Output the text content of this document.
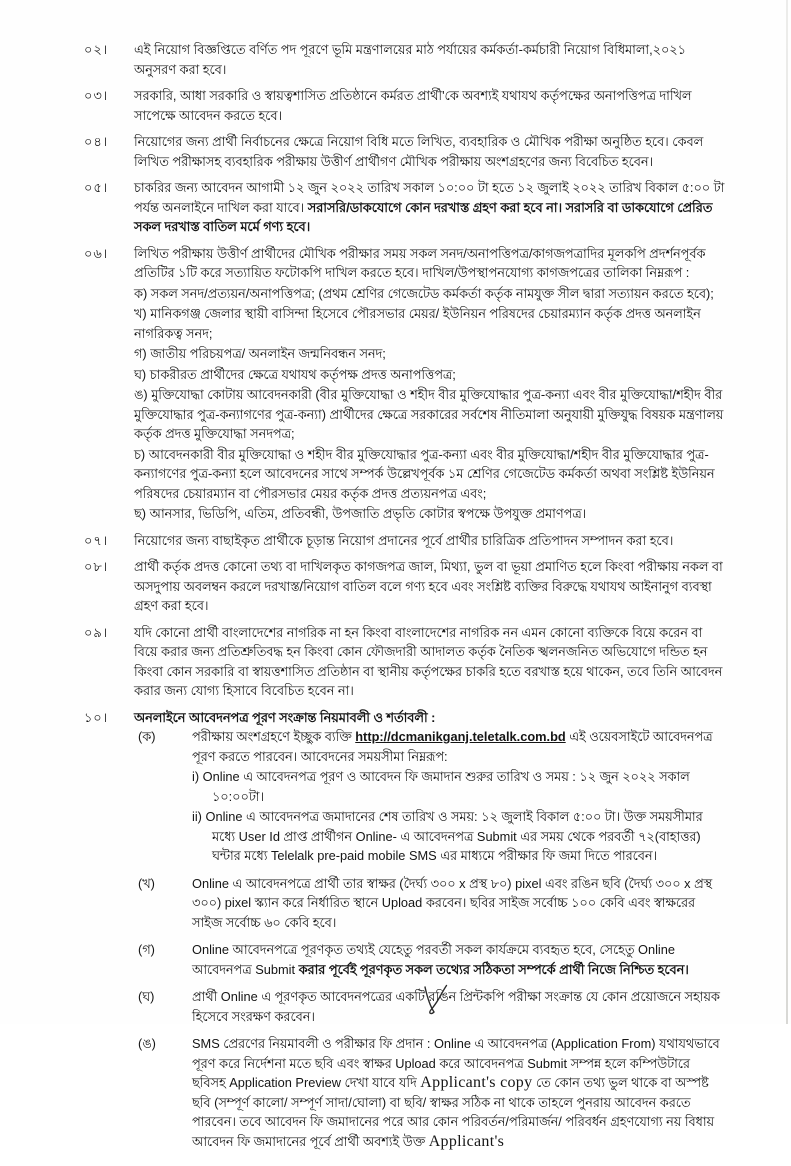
০২।	এই নিয়োগ বিজ্ঞপ্তিতে বর্ণিত পদ পূরণে ভূমি মন্ত্রণালয়ের মাঠ পর্যায়ের কর্মকর্তা-কর্মচারী নিয়োগ বিধিমালা,২০২১ অনুসরণ করা হবে।

০৩।	সরকারি, আধা সরকারি ও স্বায়ত্বশাসিত প্রতিষ্ঠানে কর্মরত প্রার্থী'কে অবশ্যই যথাযথ কর্তৃপক্ষের অনাপত্তিপত্র দাখিল সাপেক্ষে আবেদন করতে হবে।

০৪।	নিয়োগের জন্য প্রার্থী নির্বাচনের ক্ষেত্রে নিয়োগ বিধি মতে লিখিত, ব্যবহারিক ও মৌখিক পরীক্ষা অনুষ্ঠিত হবে। কেবল লিখিত পরীক্ষাসহ ব্যবহারিক পরীক্ষায় উত্তীর্ণ প্রার্থীগণ মৌখিক পরীক্ষায় অংশগ্রহণের জন্য বিবেচিত হবেন।

০৫।	চাকরির জন্য আবেদন আগামী ১২ জুন ২০২২ তারিখ সকাল ১০:০০ টা হতে ১২ জুলাই ২০২২ তারিখ বিকাল ৫:০০ টা পর্যন্ত অনলাইনে দাখিল করা যাবে। সরাসরি/ডাকযোগে কোন দরখাস্ত গ্রহণ করা হবে না। সরাসরি বা ডাকযোগে প্রেরিত সকল দরখাস্ত বাতিল মর্মে গণ্য হবে।

০৬।	লিখিত পরীক্ষায় উত্তীর্ণ প্রার্থীদের মৌখিক পরীক্ষার সময় সকল সনদ/অনাপত্তিপত্র/কাগজপত্রাদির মূলকপি প্রদর্শনপূর্বক প্রতিটির ১টি করে সত্যায়িত ফটোকপি দাখিল করতে হবে। দাখিল/উপস্থাপনযোগ্য কাগজপত্রের তালিকা নিম্নরূপ :

ক) সকল সনদ/প্রত্যয়ন/অনাপত্তিপত্র; (প্রথম শ্রেণির গেজেটেড কর্মকর্তা কর্তৃক নামযুক্ত সীল দ্বারা সত্যায়ন করতে হবে);

খ) মানিকগঞ্জ জেলার স্থায়ী বাসিন্দা হিসেবে পৌরসভার মেয়র/ ইউনিয়ন পরিষদের চেয়ারম্যান কর্তৃক প্রদত্ত অনলাইন নাগরিকত্ব সনদ;

গ) জাতীয় পরিচয়পত্র/ অনলাইন জন্মনিবন্ধন সনদ;

ঘ) চাকরীরত প্রার্থীদের ক্ষেত্রে যথাযথ কর্তৃপক্ষ প্রদত্ত অনাপত্তিপত্র;

ঙ) মুক্তিযোদ্ধা কোটায় আবেদনকারী (বীর মুক্তিযোদ্ধা ও শহীদ বীর মুক্তিযোদ্ধার পুত্র-কন্যা এবং বীর মুক্তিযোদ্ধা/শহীদ বীর মুক্তিযোদ্ধার পুত্র-কন্যাগণের পুত্র-কন্যা) প্রার্থীদের ক্ষেত্রে সরকারের সর্বশেষ নীতিমালা অনুযায়ী মুক্তিযুদ্ধ বিষয়ক মন্ত্রণালয় কর্তৃক প্রদত্ত মুক্তিযোদ্ধা সনদপত্র;

চ) আবেদনকারী বীর মুক্তিযোদ্ধা ও শহীদ বীর মুক্তিযোদ্ধার পুত্র-কন্যা এবং বীর মুক্তিযোদ্ধা/শহীদ বীর মুক্তিযোদ্ধার পুত্র-কন্যাগণের পুত্র-কন্যা হলে আবেদনের সাথে সম্পর্ক উল্লেখপূর্বক ১ম শ্রেণির গেজেটেড কর্মকর্তা অথবা সংশ্লিষ্ট ইউনিয়ন পরিষদের চেয়ারম্যান বা পৌরসভার মেয়র কর্তৃক প্রদত্ত প্রত্যয়নপত্র এবং;

ছ) আনসার, ভিডিপি, এতিম, প্রতিবন্ধী, উপজাতি প্রভৃতি কোটার স্বপক্ষে উপযুক্ত প্রমাণপত্র।

০৭।	নিয়োগের জন্য বাছাইকৃত প্রার্থীকে চূড়ান্ত নিয়োগ প্রদানের পূর্বে প্রার্থীর চারিত্রিক প্রতিপাদন সম্পাদন করা হবে।

০৮।	প্রার্থী কর্তৃক প্রদত্ত কোনো তথ্য বা দাখিলকৃত কাগজপত্র জাল, মিথ্যা, ভুল বা ভূয়া প্রমাণিত হলে কিংবা পরীক্ষায় নকল বা অসদুপায় অবলম্বন করলে দরখাস্ত/নিয়োগ বাতিল বলে গণ্য হবে এবং সংশ্লিষ্ট ব্যক্তির বিরুদ্ধে যথাযথ আইনানুগ ব্যবস্থা গ্রহণ করা হবে।

০৯।	যদি কোনো প্রার্থী বাংলাদেশের নাগরিক না হন কিংবা বাংলাদেশের নাগরিক নন এমন কোনো ব্যক্তিকে বিয়ে করেন বা বিয়ে করার জন্য প্রতিশ্রুতিবদ্ধ হন কিংবা কোন ফৌজদারী আদালত কর্তৃক নৈতিক স্খলনজনিত অভিযোগে দন্ডিত হন কিংবা কোন সরকারি বা স্বায়ত্তশাসিত প্রতিষ্ঠান বা স্থানীয় কর্তৃপক্ষের চাকরি হতে বরখাস্ত হয়ে থাকেন, তবে তিনি আবেদন করার জন্য যোগ্য হিসাবে বিবেচিত হবেন না।

১০।	অনলাইনে আবেদনপত্র পূরণ সংক্রান্ত নিয়মাবলী ও শর্তাবলী :

(ক)	পরীক্ষায় অংশগ্রহণে ইচ্ছুক ব্যক্তি http://dcmanikganj.teletalk.com.bd এই ওয়েবসাইটে আবেদনপত্র পূরণ করতে পারবেন। আবেদনের সময়সীমা নিম্নরূপ:

i) Online এ আবেদনপত্র পূরণ ও আবেদন ফি জমাদান শুরুর তারিখ ও সময় : ১২ জুন ২০২২ সকাল ১০:০০টা।

ii) Online এ আবেদনপত্র জমাদানের শেষ তারিখ ও সময়: ১২ জুলাই বিকাল ৫:০০ টা। উক্ত সময়সীমার মধ্যে User Id প্রাপ্ত প্রার্থীগন Online- এ আবেদনপত্র Submit এর সময় থেকে পরবর্তী ৭২(বাহাত্তর) ঘন্টার মধ্যে Telelalk pre-paid mobile SMS এর মাধ্যমে পরীক্ষার ফি জমা দিতে পারবেন।

(খ)	Online এ আবেদনপত্রে প্রার্থী তার স্বাক্ষর (দৈর্ঘ্য ৩০০ x প্রস্থ ৮০) pixel এবং রঙিন ছবি (দৈর্ঘ্য ৩০০ x প্রস্থ ৩০০) pixel স্ক্যান করে নির্ধারিত স্থানে Upload করবেন। ছবির সাইজ সর্বোচ্চ ১০০ কেবি এবং স্বাক্ষরের সাইজ সর্বোচ্চ ৬০ কেবি হবে।

(গ)	Online আবেদনপত্রে পূরণকৃত তথ্যই যেহেতু পরবর্তী সকল কার্যক্রমে ব্যবহৃত হবে, সেহেতু Online আবেদনপত্র Submit করার পূর্বেই পূরণকৃত সকল তথ্যের সঠিকতা সম্পর্কে প্রার্থী নিজে নিশ্চিত হবেন।

(ঘ)	প্রার্থী Online এ পূরণকৃত আবেদনপত্রের একটি রঙিন প্রিন্টকপি পরীক্ষা সংক্রান্ত যে কোন প্রয়োজনে সহায়ক হিসেবে সংরক্ষণ করবেন।

(ঙ)	SMS প্রেরণের নিয়মাবলী ও পরীক্ষার ফি প্রদান : Online এ আবেদনপত্র (Application From) যথাযথভাবে পূরণ করে নির্দেশনা মতে ছবি এবং স্বাক্ষর Upload করে আবেদনপত্র Submit সম্পন্ন হলে কম্পিউটারে ছবিসহ Application Preview দেখা যাবে যদি Applicant's copy তে কোন তথ্য ভুল থাকে বা অস্পষ্ট ছবি (সম্পূর্ণ কালো/ সম্পূর্ণ সাদা/ঘোলা) বা ছবি/ স্বাক্ষর সঠিক না থাকে তাহলে পুনরায় আবেদন করতে পারবেন। তবে আবেদন ফি জমাদানের পরে আর কোন পরিবর্তন/পরিমার্জন/ পরিবর্ধন গ্রহণযোগ্য নয় বিধায় আবেদন ফি জমাদানের পূর্বে প্রার্থী অবশ্যই উক্ত Applicant's
